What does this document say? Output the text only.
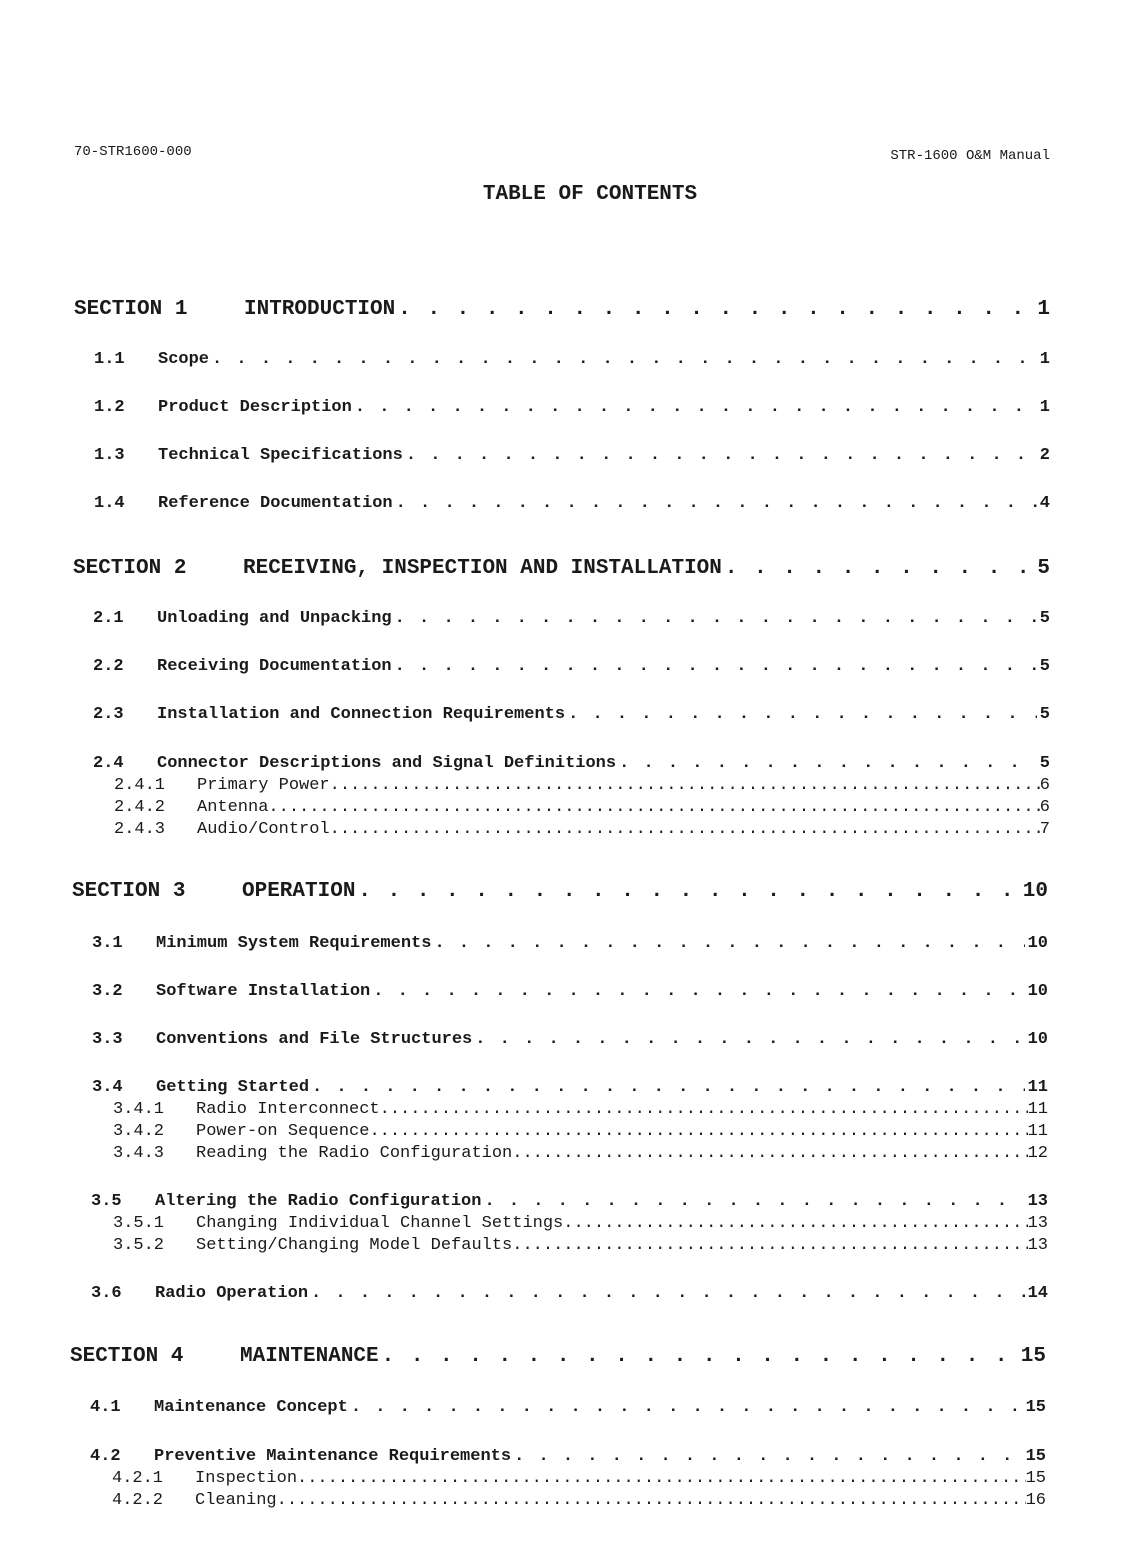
70-STR1600-000	STR-1600 O&M Manual
TABLE OF CONTENTS
SECTION 1	INTRODUCTION . . .	1
1.1	Scope . . .	1
1.2	Product Description . . .	1
1.3	Technical Specifications . . .	2
1.4	Reference Documentation . . .	4
SECTION 2	RECEIVING, INSPECTION AND INSTALLATION . . .	5
2.1	Unloading and Unpacking . . .	5
2.2	Receiving Documentation . . .	5
2.3	Installation and Connection Requirements . . .	5
2.4	Connector Descriptions and Signal Definitions . . .	5
2.4.1	Primary Power .....	6
2.4.2	Antenna .....	6
2.4.3	Audio/Control .....	7
SECTION 3	OPERATION . . .	10
3.1	Minimum System Requirements . . .	10
3.2	Software Installation . . .	10
3.3	Conventions and File Structures . . .	10
3.4	Getting Started . . .	11
3.4.1	Radio Interconnect .....	11
3.4.2	Power-on Sequence .....	11
3.4.3	Reading the Radio Configuration .....	12
3.5	Altering the Radio Configuration . . .	13
3.5.1	Changing Individual Channel Settings .....	13
3.5.2	Setting/Changing Model Defaults .....	13
3.6	Radio Operation . . .	14
SECTION 4	MAINTENANCE . . .	15
4.1	Maintenance Concept . . .	15
4.2	Preventive Maintenance Requirements . . .	15
4.2.1	Inspection .....	15
4.2.2	Cleaning .....	16
